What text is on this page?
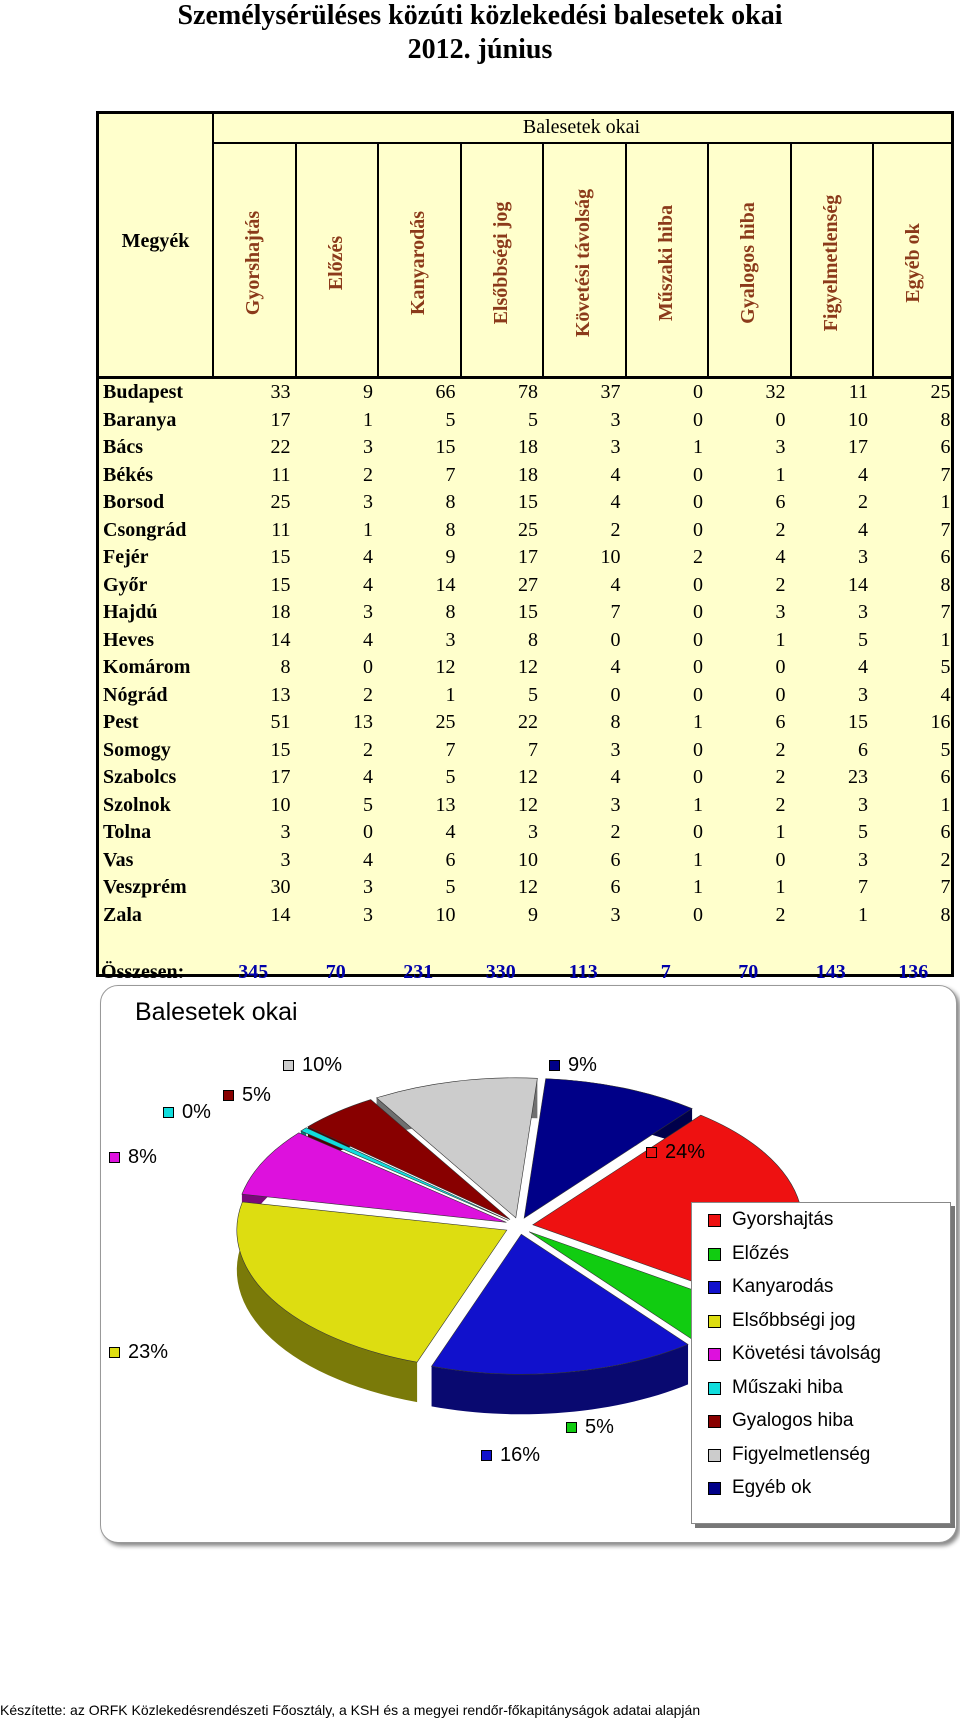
Személysérüléses közúti közlekedési balesetek okai
2012. június
Balesetek okai
Megyék	Gyorshajtás	Előzés	Kanyarodás	Elsőbbségi jog	Követési távolság	Műszaki hiba	Gyalogos hiba	Figyelmetlenség	Egyéb ok
Budapest	33	9	66	78	37	0	32	11	25
Baranya	17	1	5	5	3	0	0	10	8
Bács	22	3	15	18	3	1	3	17	6
Békés	11	2	7	18	4	0	1	4	7
Borsod	25	3	8	15	4	0	6	2	1
Csongrád	11	1	8	25	2	0	2	4	7
Fejér	15	4	9	17	10	2	4	3	6
Győr	15	4	14	27	4	0	2	14	8
Hajdú	18	3	8	15	7	0	3	3	7
Heves	14	4	3	8	0	0	1	5	1
Komárom	8	0	12	12	4	0	0	4	5
Nógrád	13	2	1	5	0	0	0	3	4
Pest	51	13	25	22	8	1	6	15	16
Somogy	15	2	7	7	3	0	2	6	5
Szabolcs	17	4	5	12	4	0	2	23	6
Szolnok	10	5	13	12	3	1	2	3	1
Tolna	3	0	4	3	2	0	1	5	6
Vas	3	4	6	10	6	1	0	3	2
Veszprém	30	3	5	12	6	1	1	7	7
Zala	14	3	10	9	3	0	2	1	8
Összesen:	345	70	231	330	113	7	70	143	136
Balesetek okai
24%
5%
16%
23%
8%
0%
5%
10%	9%
Gyorshajtás
Előzés
Kanyarodás
Elsőbbségi jog
Követési távolság
Műszaki hiba
Gyalogos hiba
Figyelmetlenség
Egyéb ok
Készítette: az ORFK Közlekedésrendészeti Főosztály, a KSH és a megyei rendőr-főkapitányságok adatai alapján
